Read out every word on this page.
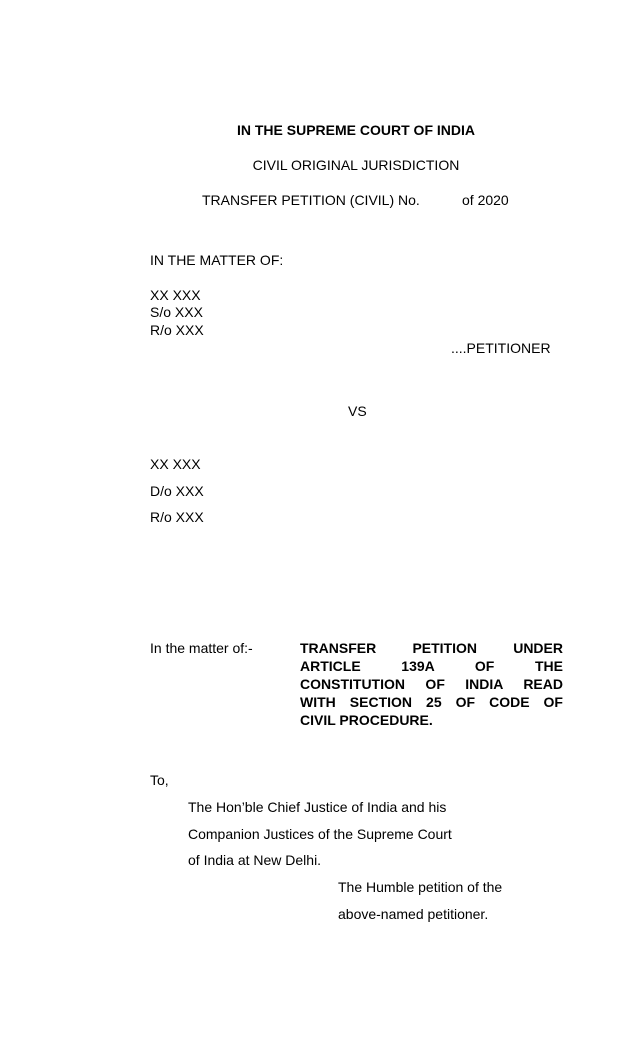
IN THE SUPREME COURT OF INDIA
CIVIL ORIGINAL JURISDICTION
TRANSFER PETITION (CIVIL) No.	of 2020
IN THE MATTER OF:
XX XXX
S/o XXX
R/o XXX
....PETITIONER
VS
XX XXX
D/o XXX
R/o XXX
In the matter of:-	TRANSFER PETITION UNDER
ARTICLE 139A OF THE
CONSTITUTION OF INDIA READ
WITH SECTION 25 OF CODE OF
CIVIL PROCEDURE.
To,
The Hon’ble Chief Justice of India and his
Companion Justices of the Supreme Court
of India at New Delhi.
The Humble petition of the
above-named petitioner.
